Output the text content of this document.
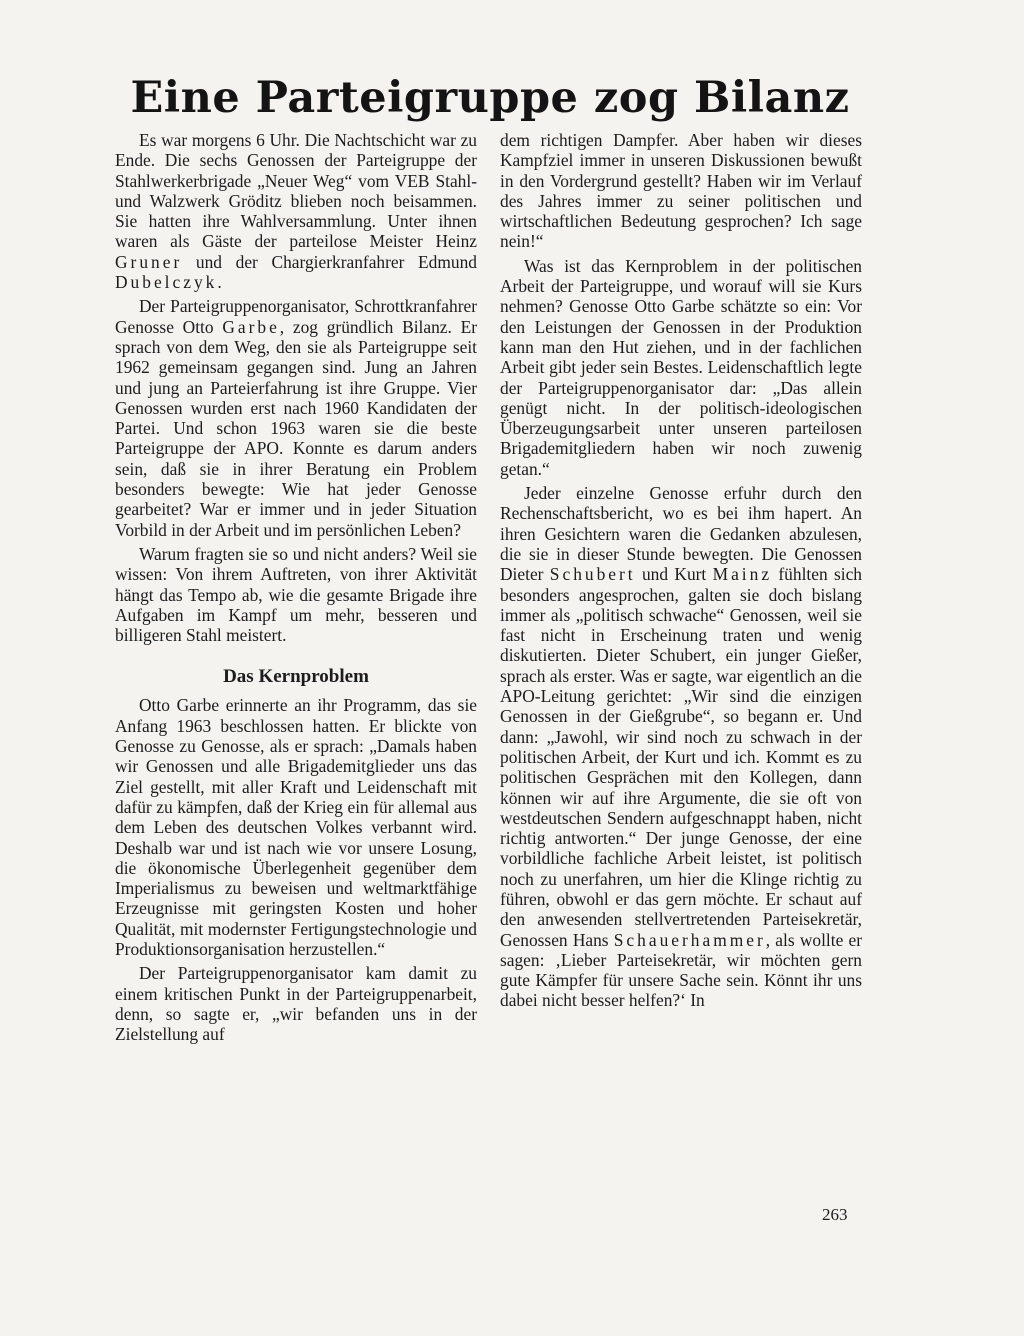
Eine Parteigruppe zog Bilanz

Es war morgens 6 Uhr. Die Nachtschicht war zu Ende. Die sechs Genossen der Parteigruppe der Stahlwerkerbrigade „Neuer Weg“ vom VEB Stahl- und Walzwerk Gröditz blieben noch beisammen. Sie hatten ihre Wahlversammlung. Unter ihnen waren als Gäste der parteilose Meister Heinz Gruner und der Chargierkranfahrer Edmund Dubelczyk.

Der Parteigruppenorganisator, Schrottkranfahrer Genosse Otto Garbe, zog gründlich Bilanz. Er sprach von dem Weg, den sie als Parteigruppe seit 1962 gemeinsam gegangen sind. Jung an Jahren und jung an Parteierfahrung ist ihre Gruppe. Vier Genossen wurden erst nach 1960 Kandidaten der Partei. Und schon 1963 waren sie die beste Parteigruppe der APO. Konnte es darum anders sein, daß sie in ihrer Beratung ein Problem besonders bewegte: Wie hat jeder Genosse gearbeitet? War er immer und in jeder Situation Vorbild in der Arbeit und im persönlichen Leben?

Warum fragten sie so und nicht anders? Weil sie wissen: Von ihrem Auftreten, von ihrer Aktivität hängt das Tempo ab, wie die gesamte Brigade ihre Aufgaben im Kampf um mehr, besseren und billigeren Stahl meistert.

Das Kernproblem

Otto Garbe erinnerte an ihr Programm, das sie Anfang 1963 beschlossen hatten. Er blickte von Genosse zu Genosse, als er sprach: „Damals haben wir Genossen und alle Brigademitglieder uns das Ziel gestellt, mit aller Kraft und Leidenschaft mit dafür zu kämpfen, daß der Krieg ein für allemal aus dem Leben des deutschen Volkes verbannt wird. Deshalb war und ist nach wie vor unsere Losung, die ökonomische Überlegenheit gegenüber dem Imperialismus zu beweisen und weltmarktfähige Erzeugnisse mit geringsten Kosten und hoher Qualität, mit modernster Fertigungstechnologie und Produktionsorganisation herzustellen.“

Der Parteigruppenorganisator kam damit zu einem kritischen Punkt in der Parteigruppenarbeit, denn, so sagte er, „wir befanden uns in der Zielstellung auf

dem richtigen Dampfer. Aber haben wir dieses Kampfziel immer in unseren Diskussionen bewußt in den Vordergrund gestellt? Haben wir im Verlauf des Jahres immer zu seiner politischen und wirtschaftlichen Bedeutung gesprochen? Ich sage nein!“

Was ist das Kernproblem in der politischen Arbeit der Parteigruppe, und worauf will sie Kurs nehmen? Genosse Otto Garbe schätzte so ein: Vor den Leistungen der Genossen in der Produktion kann man den Hut ziehen, und in der fachlichen Arbeit gibt jeder sein Bestes. Leidenschaftlich legte der Parteigruppenorganisator dar: „Das allein genügt nicht. In der politisch-ideologischen Überzeugungsarbeit unter unseren parteilosen Brigademitgliedern haben wir noch zuwenig getan.“

Jeder einzelne Genosse erfuhr durch den Rechenschaftsbericht, wo es bei ihm hapert. An ihren Gesichtern waren die Gedanken abzulesen, die sie in dieser Stunde bewegten. Die Genossen Dieter Schubert und Kurt Mainz fühlten sich besonders angesprochen, galten sie doch bislang immer als „politisch schwache“ Genossen, weil sie fast nicht in Erscheinung traten und wenig diskutierten. Dieter Schubert, ein junger Gießer, sprach als erster. Was er sagte, war eigentlich an die APO-Leitung gerichtet: „Wir sind die einzigen Genossen in der Gießgrube“, so begann er. Und dann: „Jawohl, wir sind noch zu schwach in der politischen Arbeit, der Kurt und ich. Kommt es zu politischen Gesprächen mit den Kollegen, dann können wir auf ihre Argumente, die sie oft von westdeutschen Sendern aufgeschnappt haben, nicht richtig antworten.“ Der junge Genosse, der eine vorbildliche fachliche Arbeit leistet, ist politisch noch zu unerfahren, um hier die Klinge richtig zu führen, obwohl er das gern möchte. Er schaut auf den anwesenden stellvertretenden Parteisekretär, Genossen Hans Schauerhammer, als wollte er sagen: ‚Lieber Parteisekretär, wir möchten gern gute Kämpfer für unsere Sache sein. Könnt ihr uns dabei nicht besser helfen?‘ In

263
